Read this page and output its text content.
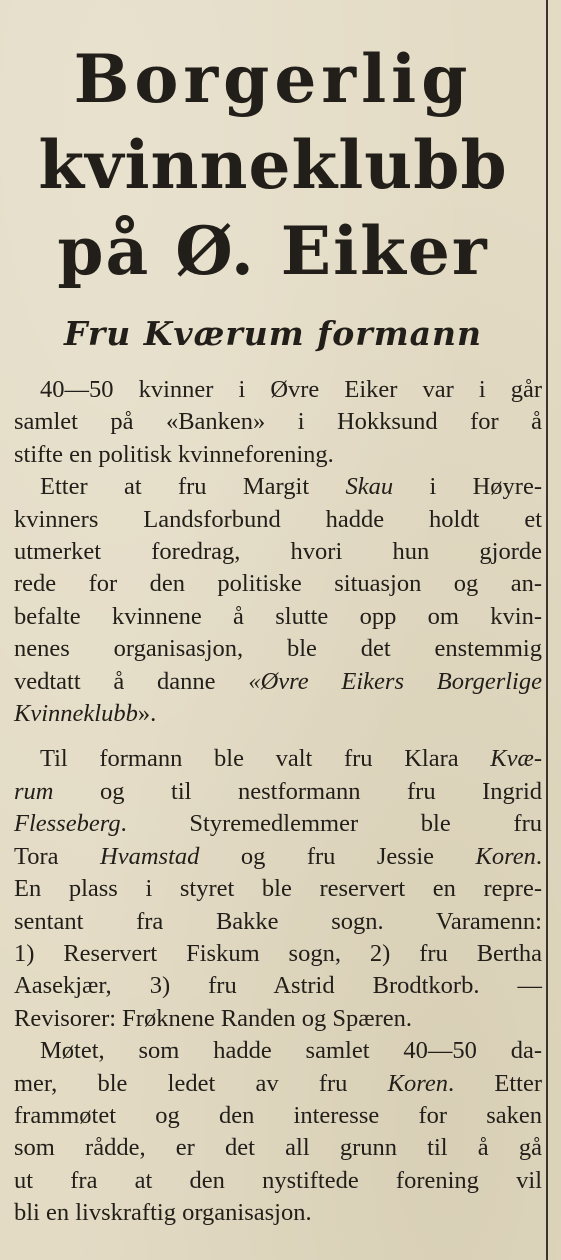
Borgerlig
kvinneklubb
på Ø. Eiker
Fru Kværum formann
40—50 kvinner i Øvre Eiker var i går
samlet på «Banken» i Hokksund for å
stifte en politisk kvinneforening.
Etter at fru Margit Skau i Høyre-
kvinners Landsforbund hadde holdt et
utmerket foredrag, hvori hun gjorde
rede for den politiske situasjon og an-
befalte kvinnene å slutte opp om kvin-
nenes organisasjon, ble det enstemmig
vedtatt å danne «Øvre Eikers Borgerlige
Kvinneklubb».
Til formann ble valt fru Klara Kvæ-
rum og til nestformann fru Ingrid
Flesseberg. Styremedlemmer ble fru
Tora Hvamstad og fru Jessie Koren.
En plass i styret ble reservert en repre-
sentant fra Bakke sogn. Varamenn:
1) Reservert Fiskum sogn, 2) fru Bertha
Aasekjær, 3) fru Astrid Brodtkorb. —
Revisorer: Frøknene Randen og Spæren.
Møtet, som hadde samlet 40—50 da-
mer, ble ledet av fru Koren. Etter
frammøtet og den interesse for saken
som rådde, er det all grunn til å gå
ut fra at den nystiftede forening vil
bli en livskraftig organisasjon.
